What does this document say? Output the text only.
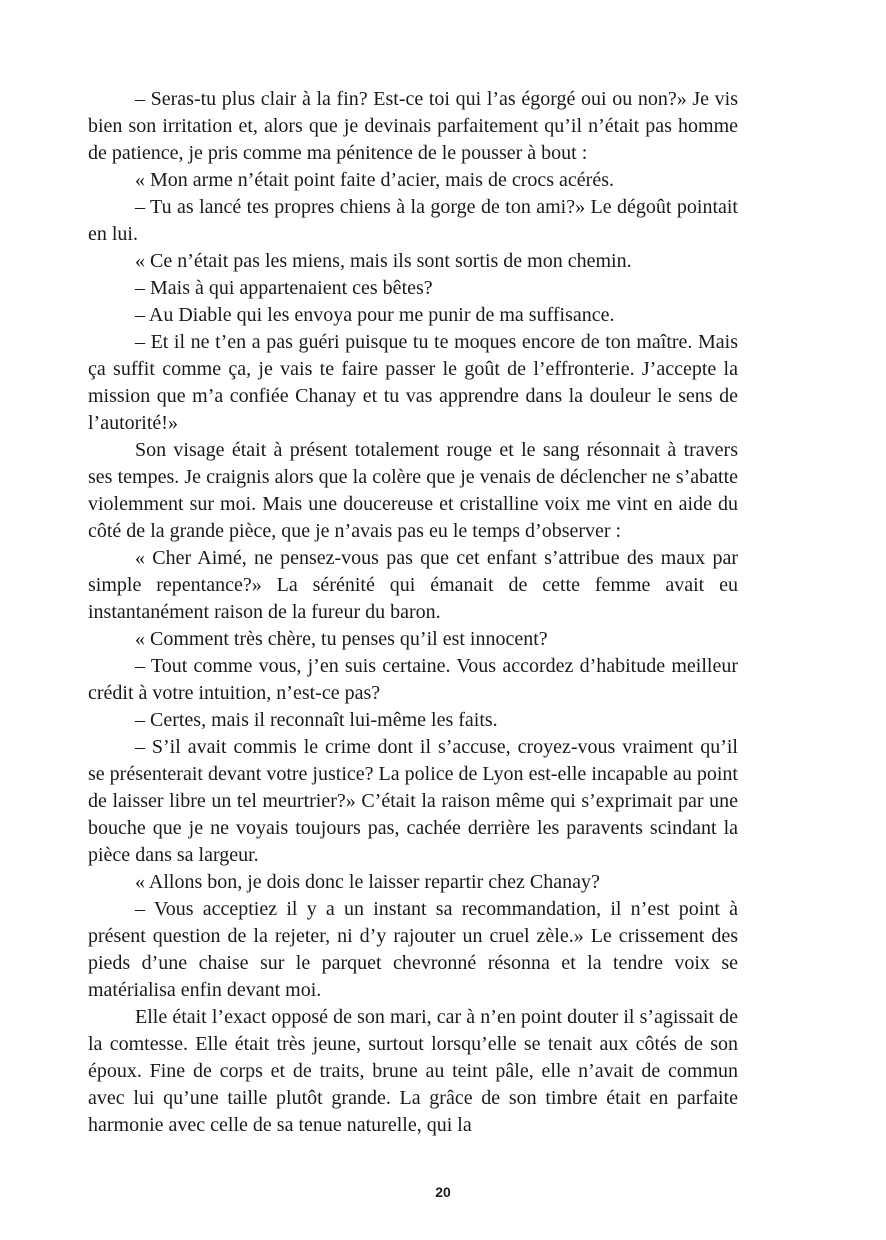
– Seras-tu plus clair à la fin? Est-ce toi qui l’as égorgé oui ou non?» Je vis bien son irritation et, alors que je devinais parfaitement qu’il n’était pas homme de patience, je pris comme ma pénitence de le pousser à bout :

« Mon arme n’était point faite d’acier, mais de crocs acérés.

– Tu as lancé tes propres chiens à la gorge de ton ami?» Le dégoût pointait en lui.

« Ce n’était pas les miens, mais ils sont sortis de mon chemin.

– Mais à qui appartenaient ces bêtes?

– Au Diable qui les envoya pour me punir de ma suffisance.

– Et il ne t’en a pas guéri puisque tu te moques encore de ton maître. Mais ça suffit comme ça, je vais te faire passer le goût de l’effronterie. J’accepte la mission que m’a confiée Chanay et tu vas apprendre dans la douleur le sens de l’autorité!»

Son visage était à présent totalement rouge et le sang résonnait à travers ses tempes. Je craignis alors que la colère que je venais de déclencher ne s’abatte violemment sur moi. Mais une doucereuse et cristalline voix me vint en aide du côté de la grande pièce, que je n’avais pas eu le temps d’observer :

« Cher Aimé, ne pensez-vous pas que cet enfant s’attribue des maux par simple repentance?» La sérénité qui émanait de cette femme avait eu instantanément raison de la fureur du baron.

« Comment très chère, tu penses qu’il est innocent?

– Tout comme vous, j’en suis certaine. Vous accordez d’habitude meilleur crédit à votre intuition, n’est-ce pas?

– Certes, mais il reconnaît lui-même les faits.

– S’il avait commis le crime dont il s’accuse, croyez-vous vraiment qu’il se présenterait devant votre justice? La police de Lyon est-elle incapable au point de laisser libre un tel meurtrier?» C’était la raison même qui s’exprimait par une bouche que je ne voyais toujours pas, cachée derrière les paravents scindant la pièce dans sa largeur.

« Allons bon, je dois donc le laisser repartir chez Chanay?

– Vous acceptiez il y a un instant sa recommandation, il n’est point à présent question de la rejeter, ni d’y rajouter un cruel zèle.» Le crissement des pieds d’une chaise sur le parquet chevronné résonna et la tendre voix se matérialisa enfin devant moi.

Elle était l’exact opposé de son mari, car à n’en point douter il s’agissait de la comtesse. Elle était très jeune, surtout lorsqu’elle se tenait aux côtés de son époux. Fine de corps et de traits, brune au teint pâle, elle n’avait de commun avec lui qu’une taille plutôt grande. La grâce de son timbre était en parfaite harmonie avec celle de sa tenue naturelle, qui la

20
